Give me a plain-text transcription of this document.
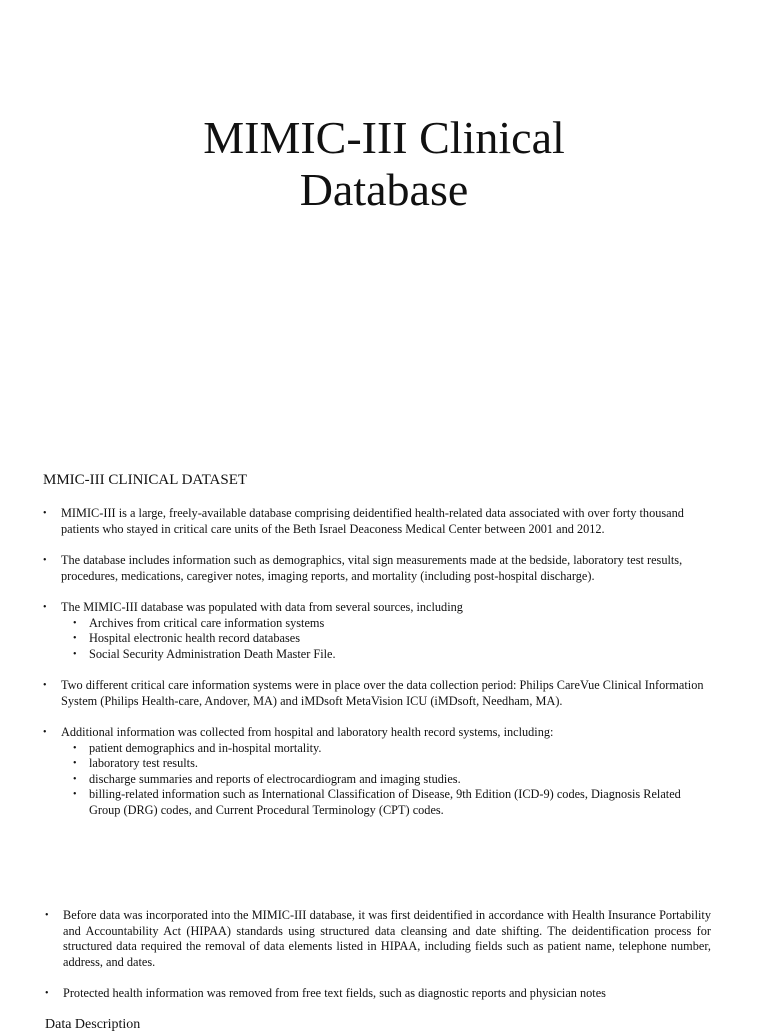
MIMIC-III Clinical
Database
MMIC-III CLINICAL DATASET
• MIMIC-III is a large, freely-available database comprising deidentified health-related data associated with over forty thousand patients who stayed in critical care units of the Beth Israel Deaconess Medical Center between 2001 and 2012.
• The database includes information such as demographics, vital sign measurements made at the bedside, laboratory test results, procedures, medications, caregiver notes, imaging reports, and mortality (including post-hospital discharge).
• The MIMIC-III database was populated with data from several sources, including
• Archives from critical care information systems
• Hospital electronic health record databases
• Social Security Administration Death Master File.
• Two different critical care information systems were in place over the data collection period: Philips CareVue Clinical Information System (Philips Health-care, Andover, MA) and iMDsoft MetaVision ICU (iMDsoft, Needham, MA).
• Additional information was collected from hospital and laboratory health record systems, including:
• patient demographics and in-hospital mortality.
• laboratory test results.
• discharge summaries and reports of electrocardiogram and imaging studies.
• billing-related information such as International Classification of Disease, 9th Edition (ICD-9) codes, Diagnosis Related Group (DRG) codes, and Current Procedural Terminology (CPT) codes.
• Before data was incorporated into the MIMIC-III database, it was first deidentified in accordance with Health Insurance Portability and Accountability Act (HIPAA) standards using structured data cleansing and date shifting. The deidentification process for structured data required the removal of data elements listed in HIPAA, including fields such as patient name, telephone number, address, and dates.
• Protected health information was removed from free text fields, such as diagnostic reports and physician notes
Data Description
